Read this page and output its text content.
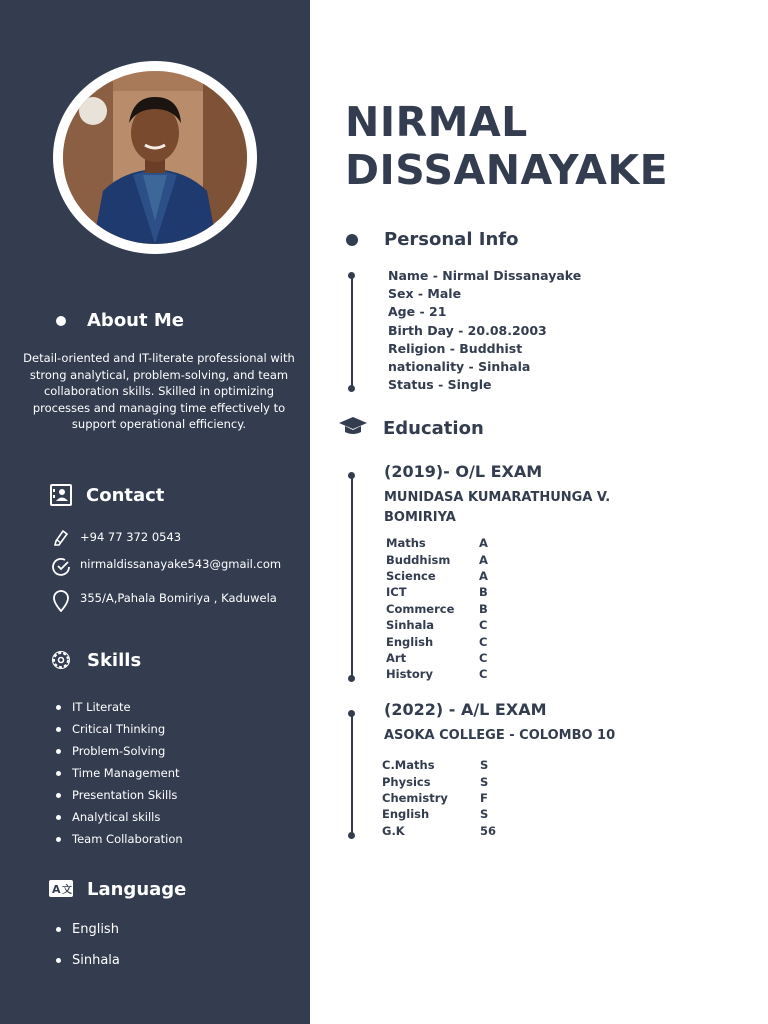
About Me
Detail-oriented and IT-literate professional with strong analytical, problem-solving, and team collaboration skills. Skilled in optimizing processes and managing time effectively to support operational efficiency.
Contact
+94 77 372 0543
nirmaldissanayake543@gmail.com
355/A,Pahala Bomiriya , Kaduwela
Skills
IT Literate
Critical Thinking
Problem-Solving
Time Management
Presentation Skills
Analytical skills
Team Collaboration
A 文 Language
English
Sinhala
NIRMAL
DISSANAYAKE
Personal Info
Name - Nirmal Dissanayake
Sex - Male
Age - 21
Birth Day - 20.08.2003
Religion - Buddhist
nationality - Sinhala
Status - Single
Education
(2019)- O/L EXAM
MUNIDASA KUMARATHUNGA V. BOMIRIYA
Maths	A
Buddhism	A
Science	A
ICT	B
Commerce	B
Sinhala	C
English	C
Art	C
History	C
(2022) - A/L EXAM
ASOKA COLLEGE - COLOMBO 10
C.Maths	S
Physics	S
Chemistry	F
English	S
G.K	56
